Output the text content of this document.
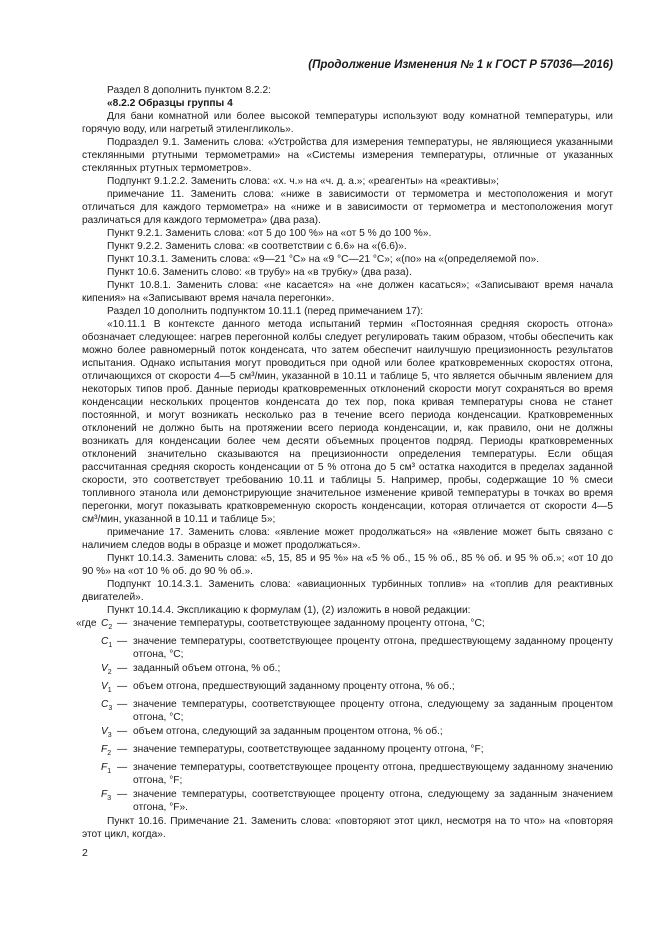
(Продолжение Изменения № 1 к ГОСТ Р 57036—2016)

Раздел 8 дополнить пунктом 8.2.2:

«8.2.2 Образцы группы 4

Для бани комнатной или более высокой температуры используют воду комнатной температуры, или горячую воду, или нагретый этиленгликоль».

Подраздел 9.1. Заменить слова: «Устройства для измерения температуры, не являющиеся указанными стеклянными ртутными термометрами» на «Системы измерения температуры, отличные от указанных стеклянных ртутных термометров».

Подпункт 9.1.2.2. Заменить слова: «х. ч.» на «ч. д. а.»; «реагенты» на «реактивы»;

примечание 11. Заменить слова: «ниже в зависимости от термометра и местоположения и могут отличаться для каждого термометра» на «ниже и в зависимости от термометра и местоположения могут различаться для каждого термометра» (два раза).

Пункт 9.2.1. Заменить слова: «от 5 до 100 %» на «от 5 % до 100 %».

Пункт 9.2.2. Заменить слова: «в соответствии с 6.6» на «(6.6)».

Пункт 10.3.1. Заменить слова: «9—21 °С» на «9 °С—21 °С»; «(по» на «(определяемой по».

Пункт 10.6. Заменить слово: «в трубу» на «в трубку» (два раза).

Пункт 10.8.1. Заменить слова: «не касается» на «не должен касаться»; «Записывают время начала кипения» на «Записывают время начала перегонки».

Раздел 10 дополнить подпунктом 10.11.1 (перед примечанием 17):

«10.11.1 В контексте данного метода испытаний термин «Постоянная средняя скорость отгона» обозначает следующее: нагрев перегонной колбы следует регулировать таким образом, чтобы обеспечить как можно более равномерный поток конденсата, что затем обеспечит наилучшую прецизионность результатов испытания. Однако испытания могут проводиться при одной или более кратковременных скоростях отгона, отличающихся от скорости 4—5 см³/мин, указанной в 10.11 и таблице 5, что является обычным явлением для некоторых типов проб. Данные периоды кратковременных отклонений скорости могут сохраняться во время конденсации нескольких процентов конденсата до тех пор, пока кривая температуры снова не станет постоянной, и могут возникать несколько раз в течение всего периода конденсации. Кратковременных отклонений не должно быть на протяжении всего периода конденсации, и, как правило, они не должны возникать для конденсации более чем десяти объемных процентов подряд. Периоды кратковременных отклонений значительно сказываются на прецизионности определения температуры. Если общая рассчитанная средняя скорость конденсации от 5 % отгона до 5 см³ остатка находится в пределах заданной скорости, это соответствует требованию 10.11 и таблицы 5. Например, пробы, содержащие 10 % смеси топливного этанола или демонстрирующие значительное изменение кривой температуры в точках во время перегонки, могут показывать кратковременную скорость конденсации, которая отличается от скорости 4—5 см³/мин, указанной в 10.11 и таблице 5»;

примечание 17. Заменить слова: «явление может продолжаться» на «явление может быть связано с наличием следов воды в образце и может продолжаться».

Пункт 10.14.3. Заменить слова: «5, 15, 85 и 95 %» на «5 % об., 15 % об., 85 % об. и 95 % об.»; «от 10 до 90 %» на «от 10 % об. до 90 % об.».

Подпункт 10.14.3.1. Заменить слова: «авиационных турбинных топлив» на «топлив для реактивных двигателей».

Пункт 10.14.4. Экспликацию к формулам (1), (2) изложить в новой редакции:

«где $C_2$ — значение температуры, соответствующее заданному проценту отгона, °С;
$C_1$ — значение температуры, соответствующее проценту отгона, предшествующему заданному проценту отгона, °С;
$V_2$ — заданный объем отгона, % об.;
$V_1$ — объем отгона, предшествующий заданному проценту отгона, % об.;
$C_3$ — значение температуры, соответствующее проценту отгона, следующему за заданным процентом отгона, °С;
$V_3$ — объем отгона, следующий за заданным процентом отгона, % об.;
$F_2$ — значение температуры, соответствующее заданному проценту отгона, °F;
$F_1$ — значение температуры, соответствующее проценту отгона, предшествующему заданному значению отгона, °F;
$F_3$ — значение температуры, соответствующее проценту отгона, следующему за заданным значением отгона, °F».

Пункт 10.16. Примечание 21. Заменить слова: «повторяют этот цикл, несмотря на то что» на «повторяя этот цикл, когда».

2
